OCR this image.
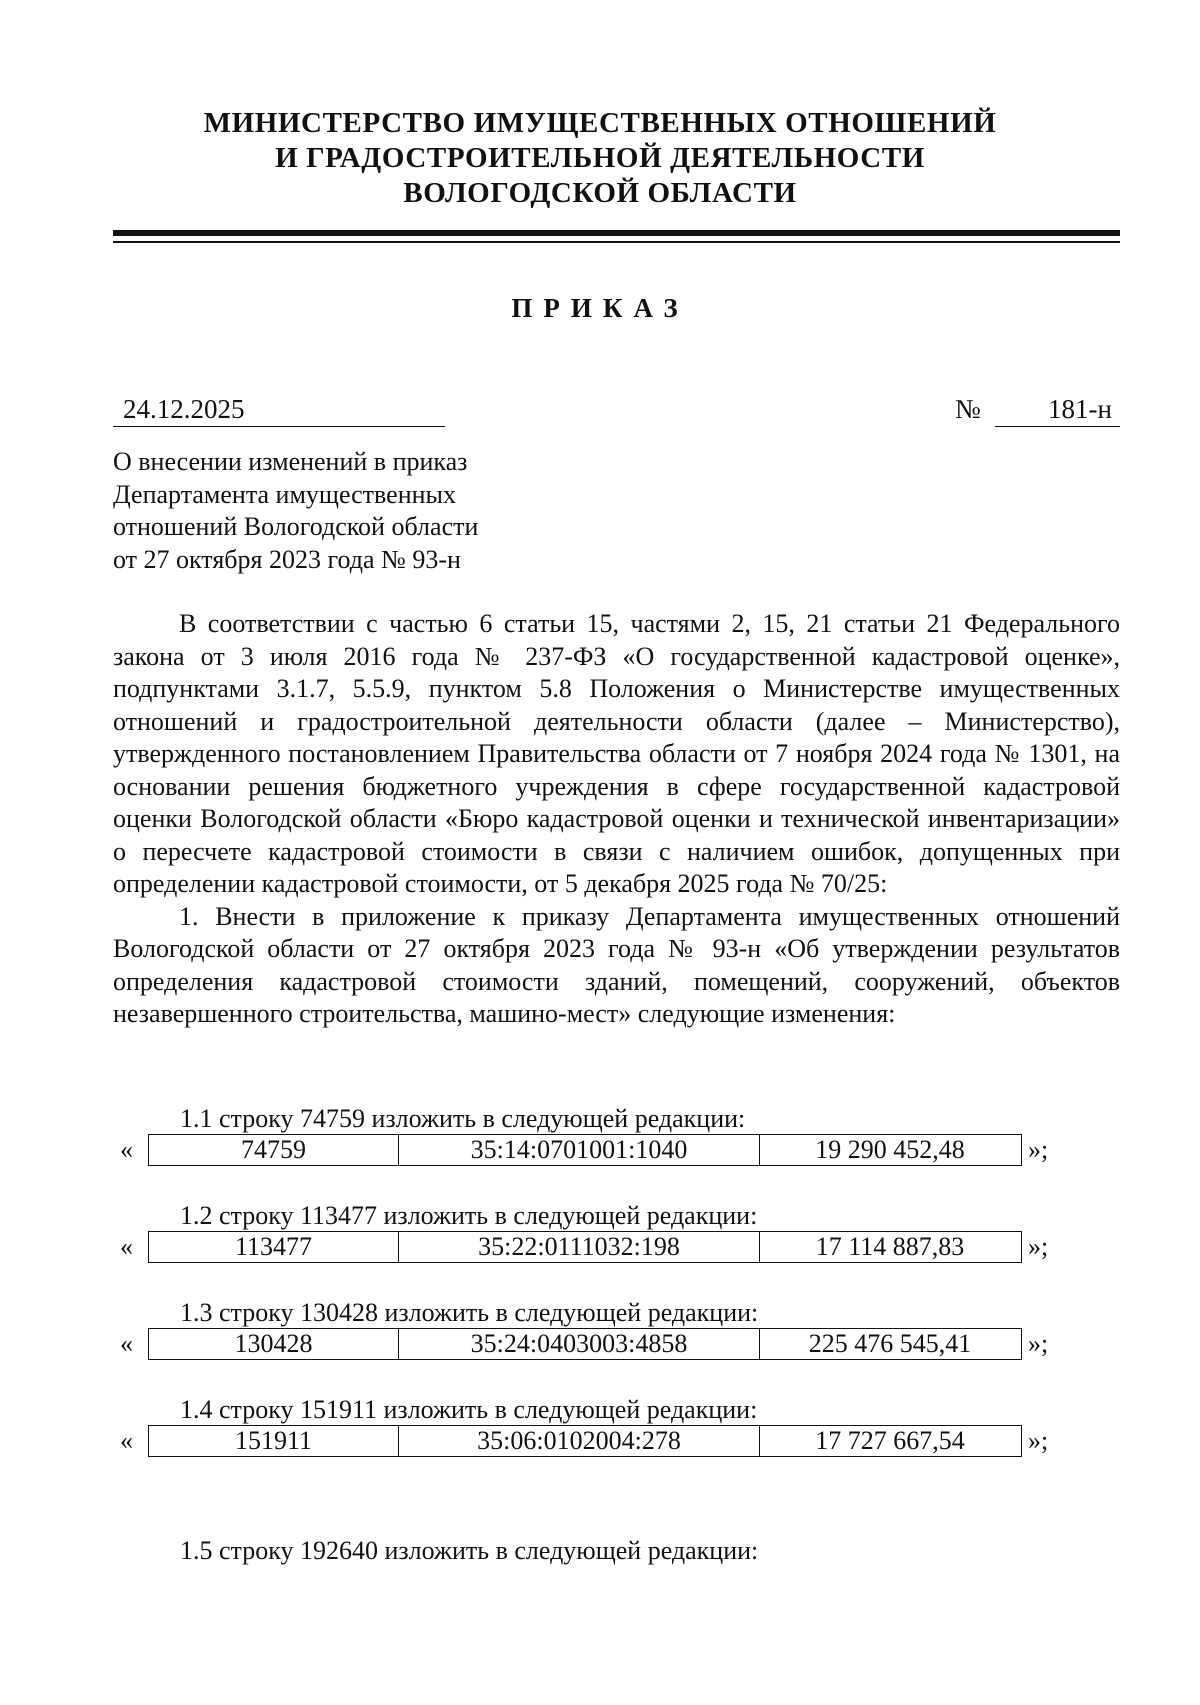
МИНИСТЕРСТВО ИМУЩЕСТВЕННЫХ ОТНОШЕНИЙ
И ГРАДОСТРОИТЕЛЬНОЙ ДЕЯТЕЛЬНОСТИ
ВОЛОГОДСКОЙ ОБЛАСТИ
ПРИКАЗ
24.12.2025	№	181-н
О внесении изменений в приказ
Департамента имущественных
отношений Вологодской области
от 27 октября 2023 года № 93-н

В соответствии с частью 6 статьи 15, частями 2, 15, 21 статьи 21 Федерального закона от 3 июля 2016 года № 237-ФЗ «О государственной кадастровой оценке», подпунктами 3.1.7, 5.5.9, пунктом 5.8 Положения о Министерстве имущественных отношений и градостроительной деятельности области (далее – Министерство), утвержденного постановлением Правительства области от 7 ноября 2024 года № 1301, на основании решения бюджетного учреждения в сфере государственной кадастровой оценки Вологодской области «Бюро кадастровой оценки и технической инвентаризации» о пересчете кадастровой стоимости в связи с наличием ошибок, допущенных при определении кадастровой стоимости, от 5 декабря 2025 года № 70/25:

1. Внести в приложение к приказу Департамента имущественных отношений Вологодской области от 27 октября 2023 года № 93-н «Об утверждении результатов определения кадастровой стоимости зданий, помещений, сооружений, объектов незавершенного строительства, машино-мест» следующие изменения:

1.1 строку 74759 изложить в следующей редакции:
«	74759	35:14:0701001:1040	19 290 452,48	»;
1.2 строку 113477 изложить в следующей редакции:
«	113477	35:22:0111032:198	17 114 887,83	»;
1.3 строку 130428 изложить в следующей редакции:
«	130428	35:24:0403003:4858	225 476 545,41	»;
1.4 строку 151911 изложить в следующей редакции:
«	151911	35:06:0102004:278	17 727 667,54	»;
1.5 строку 192640 изложить в следующей редакции:
